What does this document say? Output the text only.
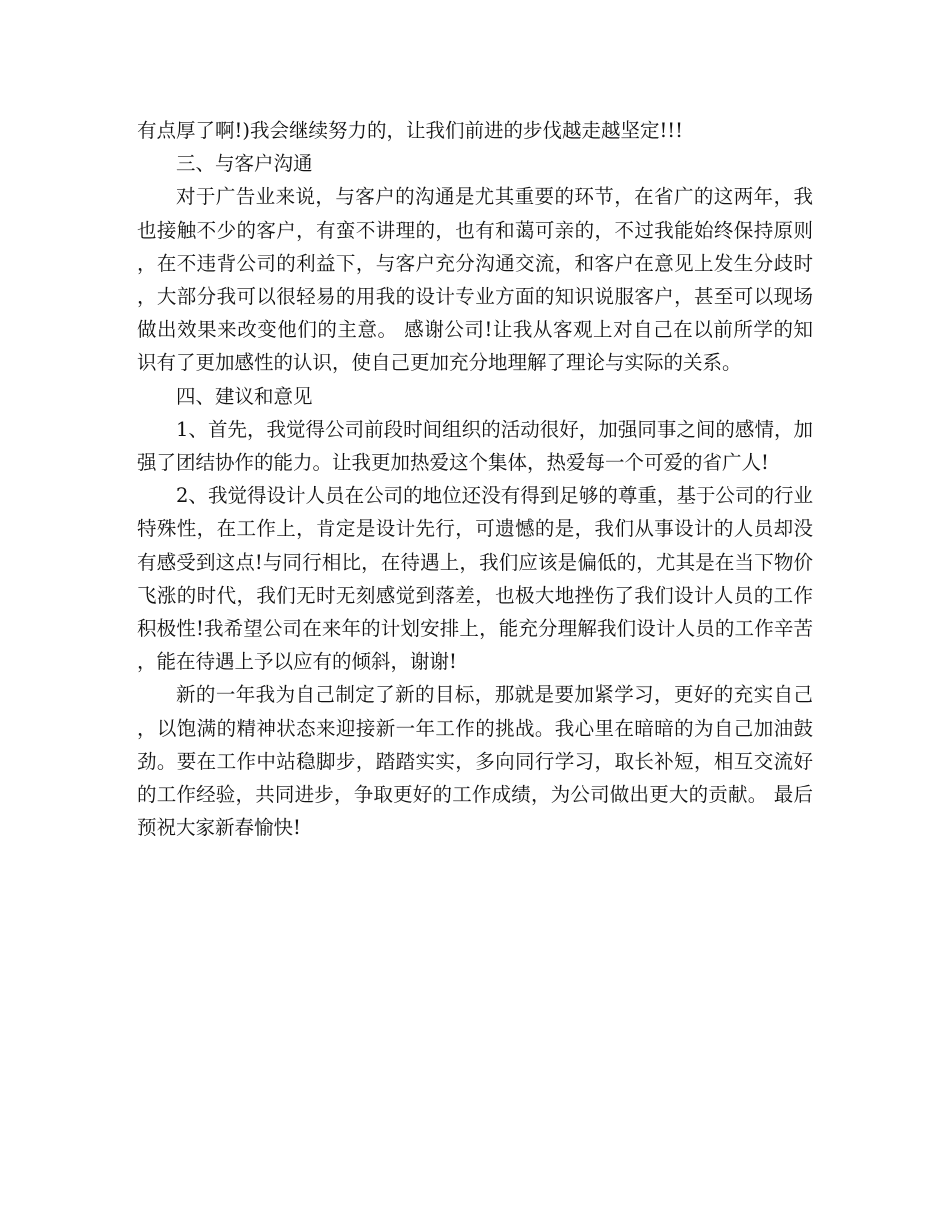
有点厚了啊!)我会继续努力的，让我们前进的步伐越走越坚定!!!

三、与客户沟通

对于广告业来说，与客户的沟通是尤其重要的环节，在省广的这两年，我也接触不少的客户，有蛮不讲理的，也有和蔼可亲的，不过我能始终保持原则，在不违背公司的利益下，与客户充分沟通交流，和客户在意见上发生分歧时，大部分我可以很轻易的用我的设计专业方面的知识说服客户，甚至可以现场做出效果来改变他们的主意。 感谢公司!让我从客观上对自己在以前所学的知识有了更加感性的认识，使自己更加充分地理解了理论与实际的关系。

四、建议和意见

1、首先，我觉得公司前段时间组织的活动很好，加强同事之间的感情，加强了团结协作的能力。让我更加热爱这个集体，热爱每一个可爱的省广人!

2、我觉得设计人员在公司的地位还没有得到足够的尊重，基于公司的行业特殊性，在工作上，肯定是设计先行，可遗憾的是，我们从事设计的人员却没有感受到这点!与同行相比，在待遇上，我们应该是偏低的，尤其是在当下物价飞涨的时代，我们无时无刻感觉到落差，也极大地挫伤了我们设计人员的工作积极性!我希望公司在来年的计划安排上，能充分理解我们设计人员的工作辛苦，能在待遇上予以应有的倾斜，谢谢!

新的一年我为自己制定了新的目标，那就是要加紧学习，更好的充实自己，以饱满的精神状态来迎接新一年工作的挑战。我心里在暗暗的为自己加油鼓劲。要在工作中站稳脚步，踏踏实实，多向同行学习，取长补短，相互交流好的工作经验，共同进步，争取更好的工作成绩，为公司做出更大的贡献。 最后预祝大家新春愉快!
